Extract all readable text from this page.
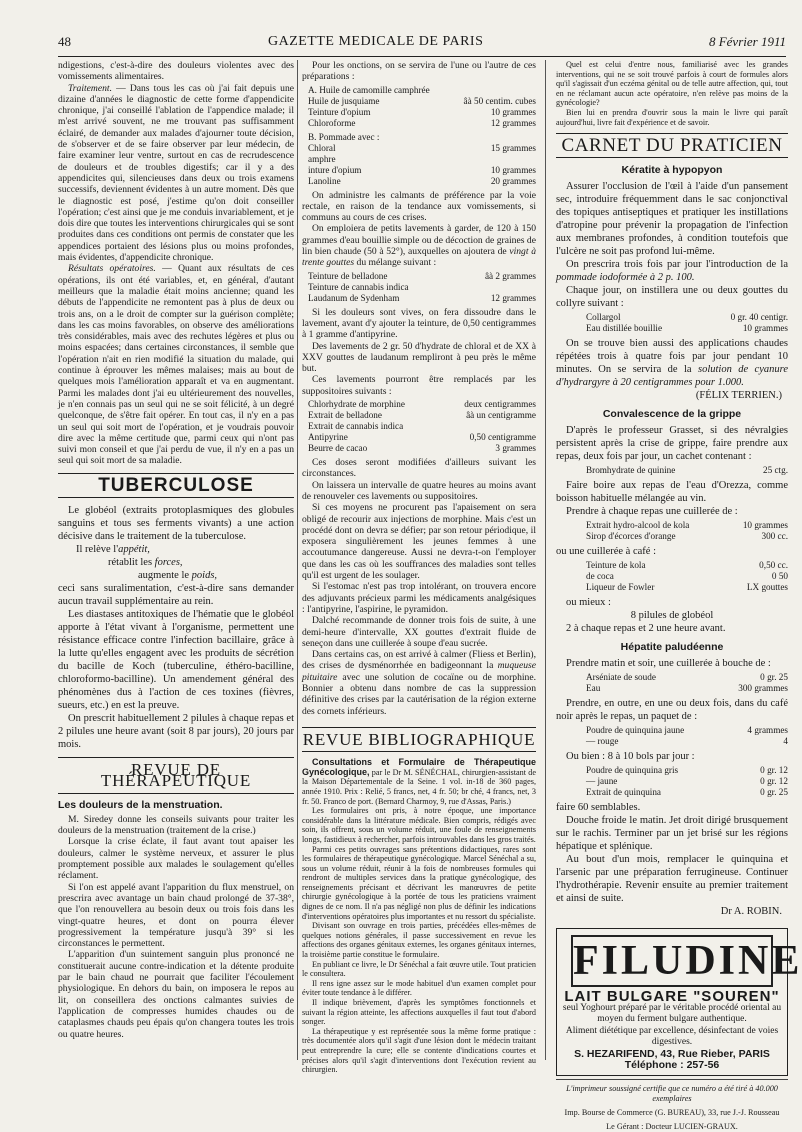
48	GAZETTE MEDICALE DE PARIS	8 Février 1911

ndigestions, c'est-à-dire des douleurs violentes avec des vomissements alimentaires.

Traitement. — Dans tous les cas où j'ai fait depuis une dizaine d'années le diagnostic de cette forme d'appendicite chronique, j'ai conseillé l'ablation de l'appendice malade; il m'est arrivé souvent, ne me trouvant pas suffisamment éclairé, de demander aux malades d'ajourner toute décision, de s'observer et de se faire observer par leur médecin, de faire examiner leur ventre, surtout en cas de recrudescence de douleurs et de troubles digestifs; car il y a des appendicites qui, silencieuses dans deux ou trois examens successifs, deviennent évidentes à un autre moment. Dès que le diagnostic est posé, j'estime qu'on doit conseiller l'opération; c'est ainsi que je me conduis invariablement, et je dois dire que toutes les interventions chirurgicales qui se sont produites dans ces conditions ont permis de constater que les appendices portaient des lésions plus ou moins profondes, mais évidentes, d'appendicite chronique.

Résultats opératoires. — Quant aux résultats de ces opérations, ils ont été variables, et, en général, d'autant meilleurs que la maladie était moins ancienne; quand les débuts de l'appendicite ne remontent pas à plus de deux ou trois ans, on a le droit de compter sur la guérison complète; dans les cas moins favorables, on observe des améliorations très considérables, mais avec des rechutes légères et plus ou moins espacées; dans certaines circonstances, il semble que l'opération n'ait en rien modifié la situation du malade, qui continue à éprouver les mêmes malaises; mais au bout de quelques mois l'amélioration apparaît et va en augmentant. Parmi les malades dont j'ai eu ultérieurement des nouvelles, je n'en connais pas un seul qui ne se soit félicité, à un degré quelconque, de s'être fait opérer. En tout cas, il n'y en a pas un seul qui soit mort de l'opération, et je voudrais pouvoir dire avec la même certitude que, parmi ceux qui n'ont pas suivi mon conseil et que j'ai perdu de vue, il n'y en a pas un seul qui soit mort de sa maladie.

TUBERCULOSE

Le globéol (extraits protoplasmiques des globules sanguins et tous ses ferments vivants) a une action décisive dans le traitement de la tuberculose.

Il relève l'appétit,

rétablit les forces,

augmente le poids,

ceci sans suralimentation, c'est-à-dire sans demander aucun travail supplémentaire au rein.

Les diastases antitoxiques de l'hématie que le globéol apporte à l'état vivant à l'organisme, permettent une résistance efficace contre l'infection bacillaire, grâce à la lutte qu'elles engagent avec les produits de sécrétion du bacille de Koch (tuberculine, éthéro-bacilline, chloroformo-bacilline). Un amendement général des phénomènes dus à l'action de ces toxines (fièvres, sueurs, etc.) en est la preuve.

On prescrit habituellement 2 pilules à chaque repas et 2 pilules une heure avant (soit 8 par jours), 20 jours par mois.

REVUE DE THÉRAPEUTIQUE
Les douleurs de la menstruation.

M. Siredey donne les conseils suivants pour traiter les douleurs de la menstruation (traitement de la crise.)

Lorsque la crise éclate, il faut avant tout apaiser les douleurs, calmer le système nerveux, et assurer le plus promptement possible aux malades le soulagement qu'elles réclament.

Si l'on est appelé avant l'apparition du flux menstruel, on prescrira avec avantage un bain chaud prolongé de 37-38°, que l'on renouvellera au besoin deux ou trois fois dans les vingt-quatre heures, et dont on pourra élever progressivement la température jusqu'à 39° si les circonstances le permettent.

L'apparition d'un suintement sanguin plus prononcé ne constituerait aucune contre-indication et la détente produite par le bain chaud ne pourrait que faciliter l'écoulement physiologique. En dehors du bain, on imposera le repos au lit, on conseillera des onctions calmantes suivies de l'application de compresses humides chaudes ou de cataplasmes chauds peu épais qu'on changera toutes les trois ou quatre heures.

Pour les onctions, on se servira de l'une ou l'autre de ces préparations :

A. Huile de camomille camphrée
Huile de jusquiame	âà 50 centim. cubes
Teinture d'opium	10 grammes
Chloroforme	12 grammes
B. Pommade avec :
Chloral	15 grammes
amphre
inture d'opium	10 grammes
Lanoline	20 grammes

On administre les calmants de préférence par la voie rectale, en raison de la tendance aux vomissements, si communs au cours de ces crises.

On emploiera de petits lavements à garder, de 120 à 150 grammes d'eau bouillie simple ou de décoction de graines de lin bien chaude (50 à 52°), auxquelles on ajoutera de vingt à trente gouttes du mélange suivant :

Teinture de belladone	âà 2 grammes
Teinture de cannabis indica
Laudanum de Sydenham	12 grammes

Si les douleurs sont vives, on fera dissoudre dans le lavement, avant d'y ajouter la teinture, de 0,50 centigrammes à 1 gramme d'antipyrine.

Des lavements de 2 gr. 50 d'hydrate de chloral et de XX à XXV gouttes de laudanum rempliront à peu près le même but.

Ces lavements pourront être remplacés par les suppositoires suivants :

Chlorhydrate de morphine	deux centigrammes
Extrait de belladone	âà un centigramme
Extrait de cannabis indica
Antipyrine	0,50 centigramme
Beurre de cacao	3 grammes

Ces doses seront modifiées d'ailleurs suivant les circonstances.

On laissera un intervalle de quatre heures au moins avant de renouveler ces lavements ou suppositoires.

Si ces moyens ne procurent pas l'apaisement on sera obligé de recourir aux injections de morphine. Mais c'est un procédé dont on devra se défier; par son retour périodique, il exposera singulièrement les jeunes femmes à une accoutumance dangereuse. Aussi ne devra-t-on l'employer que dans les cas où les souffrances des maladies sont telles qu'il est urgent de les soulager.

Si l'estomac n'est pas trop intolérant, on trouvera encore des adjuvants précieux parmi les médicaments analgésiques : l'antipyrine, l'aspirine, le pyramidon.

Dalché recommande de donner trois fois de suite, à une demi-heure d'intervalle, XX gouttes d'extrait fluide de seneçon dans une cuillerée à soupe d'eau sucrée.

Dans certains cas, on est arrivé à calmer (Fliess et Berlin), des crises de dysménorrhée en badigeonnant la muqueuse pituitaire avec une solution de cocaïne ou de morphine. Bonnier a obtenu dans nombre de cas la suppression définitive des crises par la cautérisation de la région externe des cornets inférieurs.

REVUE BIBLIOGRAPHIQUE

Consultations et Formulaire de Thérapeutique Gynécologique, par le Dr M. SÉNÉCHAL, chirurgien-assistant de la Maison Départementale de la Seine. 1 vol. in-18 de 360 pages, année 1910. Prix : Relié, 5 francs, net, 4 fr. 50; br ché, 4 francs, net, 3 fr. 50. Franco de port. (Bernard Charmoy, 9, rue d'Assas, Paris.)

Les formulaires ont pris, à notre époque, une importance considérable dans la littérature médicale. Bien compris, rédigés avec soin, ils offrent, sous un volume réduit, une foule de renseignements longs, fastidieux à rechercher, parfois introuvables dans les gros traités.

Parmi ces petits ouvrages sans prétentions didactiques, rares sont les formulaires de thérapeutique gynécologique. Marcel Sénéchal a su, sous un volume réduit, réunir à la fois de nombreuses formules qui rendront de multiples services dans la pratique gynécologique, des renseignements précisant et décrivant les manœuvres de petite chirurgie gynécologique à la portée de tous les praticiens vraiment dignes de ce nom. Il n'a pas négligé non plus de définir les indications d'interventions opératoires plus importantes et nu ressort du spécialiste.

Divisant son ouvrage en trois parties, précédées elles-mêmes de quelques notions générales, il passe successivement en revue les affections des organes génitaux externes, les organes génitaux internes, la troisième partie constitue le formulaire.

En publiant ce livre, le Dr Sénéchal a fait œuvre utile. Tout praticien le consultera.

Il rens igne assez sur le mode habituel d'un examen complet pour éviter toute tendance à le différer.

Il indique brièvement, d'après les symptômes fonctionnels et suivant la région atteinte, les affections auxquelles il faut tout d'abord songer.

La thérapeutique y est représentée sous la même forme pratique : très documentée alors qu'il s'agit d'une lésion dont le médecin traitant peut entreprendre la cure; elle se contente d'indications courtes et précises alors qu'il s'agit d'interventions dont l'exécution revient au chirurgien.

Quel est celui d'entre nous, familiarisé avec les grandes interventions, qui ne se soit trouvé parfois à court de formules alors qu'il s'agissait d'un eczéma génital ou de telle autre affection, qui, tout en ne réclamant aucun acte opératoire, n'en relève pas moins de la gynécologie?

Bien lui en prendra d'ouvrir sous la main le livre qui paraît aujourd'hui, livre fait d'expérience et de savoir.

CARNET DU PRATICIEN
Kératite à hypopyon

Assurer l'occlusion de l'œil à l'aide d'un pansement sec, introduire fréquemment dans le sac conjonctival des topiques antiseptiques et pratiquer les instillations d'atropine pour prévenir la propagation de l'infection aux membranes profondes, à condition toutefois que l'ulcère ne soit pas profond lui-même.

On prescrira trois fois par jour l'introduction de la pommade iodoformée à 2 p. 100.

Chaque jour, on instillera une ou deux gouttes du collyre suivant :

Collargol	0 gr. 40 centigr.
Eau distillée bouillie	10 grammes

On se trouve bien aussi des applications chaudes répétées trois à quatre fois par jour pendant 10 minutes. On se servira de la solution de cyanure d'hydrargyre à 20 centigrammes pour 1.000.

(FÉLIX TERRIEN.)
Convalescence de la grippe

D'après le professeur Grasset, si des névralgies persistent après la crise de grippe, faire prendre aux repas, deux fois par jour, un cachet contenant :

Bromhydrate de quinine	25 ctg.

Faire boire aux repas de l'eau d'Orezza, comme boisson habituelle mélangée au vin.

Prendre à chaque repas une cuillerée de :

Extrait hydro-alcool de kola	10 grammes
Sirop d'écorces d'orange	300 cc.

ou une cuillerée à café :

Teinture de kola	0,50 cc.
de coca	0 50
Liqueur de Fowler	LX gouttes

ou mieux :

8 pilules de globéol

2 à chaque repas et 2 une heure avant.

Hépatite paludéenne

Prendre matin et soir, une cuillerée à bouche de :

Arséniate de soude	0 gr. 25
Eau	300 grammes

Prendre, en outre, en une ou deux fois, dans du café noir après le repas, un paquet de :

Poudre de quinquina jaune	4 grammes
— rouge	4

Ou bien : 8 à 10 bols par jour :

Poudre de quinquina gris	0 gr. 12
— jaune	0 gr. 12
Extrait de quinquina	0 gr. 25

faire 60 semblables.

Douche froide le matin. Jet droit dirigé brusquement sur le rachis. Terminer par un jet brisé sur les régions hépatique et splénique.

Au bout d'un mois, remplacer le quinquina et l'arsenic par une préparation ferrugineuse. Continuer l'hydrothérapie. Revenir ensuite au premier traitement et ainsi de suite.

Dr A. ROBIN.
FILUDINE
LAIT BULGARE "SOUREN"
seul Yoghourt préparé par le véritable procédé oriental au moyen du ferment bulgare authentique.
Aliment diététique par excellence, désinfectant de voies digestives.
S. HEZARIFEND, 43, Rue Rieber, PARIS
Téléphone : 257-56
L'imprimeur soussigné certifie que ce numéro a été tiré à 40.000 exemplaires
Imp. Bourse de Commerce (G. BUREAU), 33, rue J.-J. Rousseau
Le Gérant : Docteur LUCIEN-GRAUX.
